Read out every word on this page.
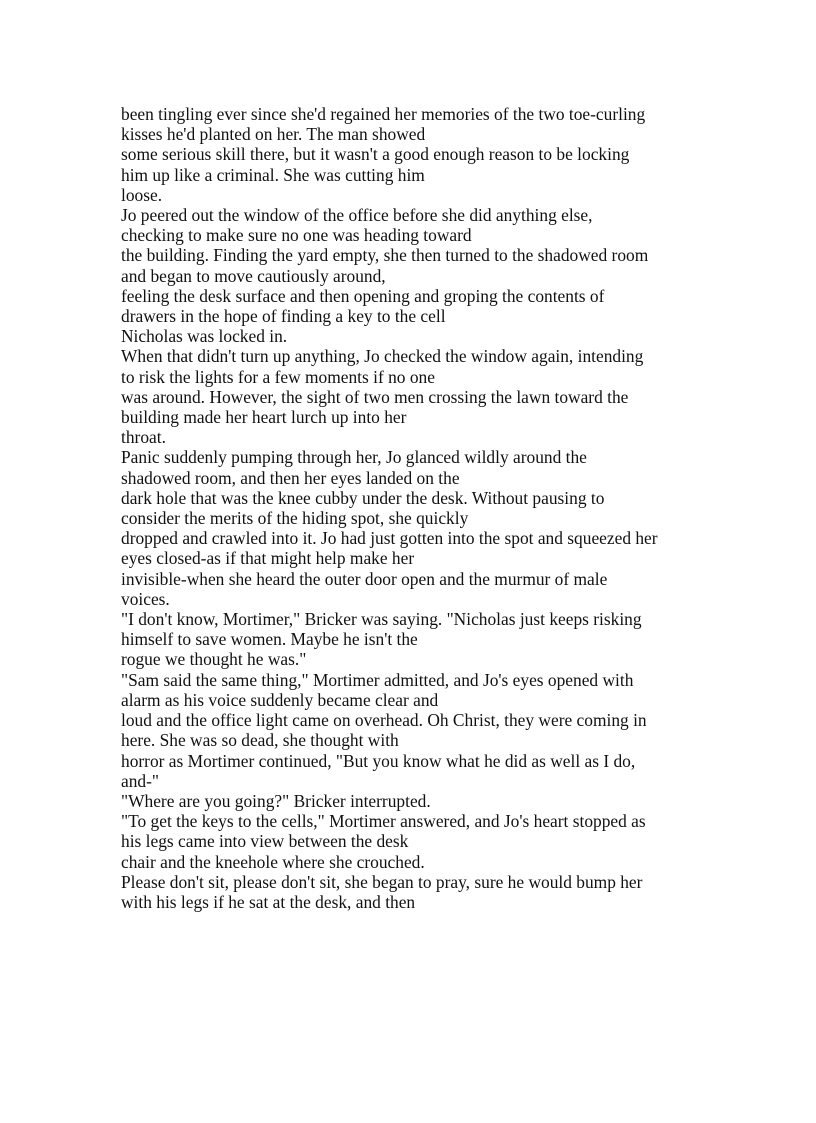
been tingling ever since she'd regained her memories of the two toe-curling
kisses he'd planted on her. The man showed
some serious skill there, but it wasn't a good enough reason to be locking
him up like a criminal. She was cutting him
loose.
Jo peered out the window of the office before she did anything else,
checking to make sure no one was heading toward
the building. Finding the yard empty, she then turned to the shadowed room
and began to move cautiously around,
feeling the desk surface and then opening and groping the contents of
drawers in the hope of finding a key to the cell
Nicholas was locked in.
When that didn't turn up anything, Jo checked the window again, intending
to risk the lights for a few moments if no one
was around. However, the sight of two men crossing the lawn toward the
building made her heart lurch up into her
throat.
Panic suddenly pumping through her, Jo glanced wildly around the
shadowed room, and then her eyes landed on the
dark hole that was the knee cubby under the desk. Without pausing to
consider the merits of the hiding spot, she quickly
dropped and crawled into it. Jo had just gotten into the spot and squeezed her
eyes closed-as if that might help make her
invisible-when she heard the outer door open and the murmur of male
voices.
"I don't know, Mortimer," Bricker was saying. "Nicholas just keeps risking
himself to save women. Maybe he isn't the
rogue we thought he was."
"Sam said the same thing," Mortimer admitted, and Jo's eyes opened with
alarm as his voice suddenly became clear and
loud and the office light came on overhead. Oh Christ, they were coming in
here. She was so dead, she thought with
horror as Mortimer continued, "But you know what he did as well as I do,
and-"
"Where are you going?" Bricker interrupted.
"To get the keys to the cells," Mortimer answered, and Jo's heart stopped as
his legs came into view between the desk
chair and the kneehole where she crouched.
Please don't sit, please don't sit, she began to pray, sure he would bump her
with his legs if he sat at the desk, and then
